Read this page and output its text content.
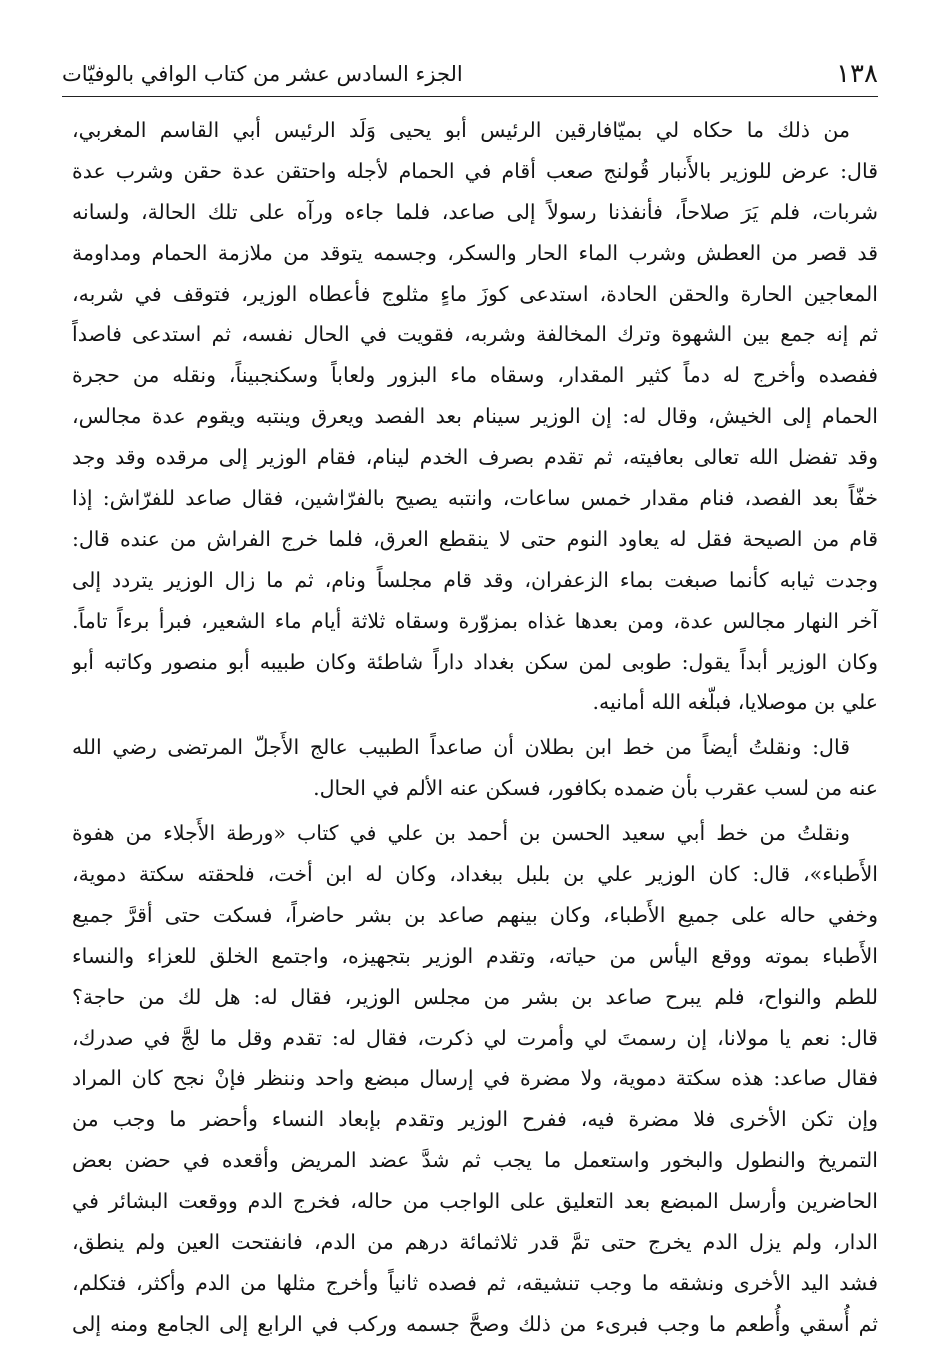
١٣٨
الجزء السادس عشر من كتاب الوافي بالوفيّات
من ذلك ما حكاه لي بميّافارقين الرئيس أبو يحيى وَلَد الرئيس أبي القاسم المغربي،
قال: عرض للوزير بالأَنبار قُولنج صعب أقام في الحمام لأجله واحتقن عدة حقن وشرب عدة
شربات، فلم يَرَ صلاحاً، فأنفذنا رسولاً إلى صاعد، فلما جاءه ورآه على تلك الحالة، ولسانه
قد قصر من العطش وشرب الماء الحار والسكر، وجسمه يتوقد من ملازمة الحمام ومداومة
المعاجين الحارة والحقن الحادة، استدعى كوزَ ماءٍ مثلوج فأعطاه الوزير، فتوقف في شربه،
ثم إنه جمع بين الشهوة وترك المخالفة وشربه، فقويت في الحال نفسه، ثم استدعى فاصداً
ففصده وأخرج له دماً كثير المقدار، وسقاه ماء البزور ولعاباً وسكنجبيناً، ونقله من حجرة
الحمام إلى الخيش، وقال له: إن الوزير سينام بعد الفصد ويعرق وينتبه ويقوم عدة مجالس،
وقد تفضل الله تعالى بعافيته، ثم تقدم بصرف الخدم لينام، فقام الوزير إلى مرقده وقد وجد
خفّاً بعد الفصد، فنام مقدار خمس ساعات، وانتبه يصيح بالفرّاشين، فقال صاعد للفرّاش: إذا
قام من الصيحة فقل له يعاود النوم حتى لا ينقطع العرق، فلما خرج الفراش من عنده قال:
وجدت ثيابه كأنما صبغت بماء الزعفران، وقد قام مجلساً ونام، ثم ما زال الوزير يتردد إلى
آخر النهار مجالس عدة، ومن بعدها غذاه بمزوّرة وسقاه ثلاثة أيام ماء الشعير، فبرأ برءاً تاماً.
وكان الوزير أبداً يقول: طوبى لمن سكن بغداد داراً شاطئة وكان طبيبه أبو منصور وكاتبه أبو
علي بن موصلايا، فبلّغه الله أمانيه.
قال: ونقلتُ أيضاً من خط ابن بطلان أن صاعداً الطبيب عالج الأَجلّ المرتضى رضي الله
عنه من لسب عقرب بأن ضمده بكافور، فسكن عنه الألم في الحال.
ونقلتُ من خط أبي سعيد الحسن بن أحمد بن علي في كتاب «ورطة الأَجلاء من هفوة
الأَطباء»، قال: كان الوزير علي بن بلبل ببغداد، وكان له ابن أخت، فلحقته سكتة دموية،
وخفي حاله على جميع الأَطباء، وكان بينهم صاعد بن بشر حاضراً، فسكت حتى أقرَّ جميع
الأَطباء بموته ووقع اليأس من حياته، وتقدم الوزير بتجهيزه، واجتمع الخلق للعزاء والنساء
للطم والنواح، فلم يبرح صاعد بن بشر من مجلس الوزير، فقال له: هل لك من حاجة؟
قال: نعم يا مولانا، إن رسمتَ لي وأمرت لي ذكرت، فقال له: تقدم وقل ما لجَّ في صدرك،
فقال صاعد: هذه سكتة دموية، ولا مضرة في إرسال مبضع واحد وننظر فإنْ نجح كان المراد
وإن تكن الأخرى فلا مضرة فيه، ففرح الوزير وتقدم بإبعاد النساء وأحضر ما وجب من
التمريخ والنطول والبخور واستعمل ما يجب ثم شدَّ عضد المريض وأقعده في حضن بعض
الحاضرين وأرسل المبضع بعد التعليق على الواجب من حاله، فخرج الدم ووقعت البشائر في
الدار، ولم يزل الدم يخرج حتى تمَّ قدر ثلاثمائة درهم من الدم، فانفتحت العين ولم ينطق،
فشد اليد الأخرى ونشقه ما وجب تنشيقه، ثم فصده ثانياً وأخرج مثلها من الدم وأكثر، فتكلم،
ثم أُسقي وأُطعم ما وجب فبرىء من ذلك وصحَّ جسمه وركب في الرابع إلى الجامع ومنه إلى
